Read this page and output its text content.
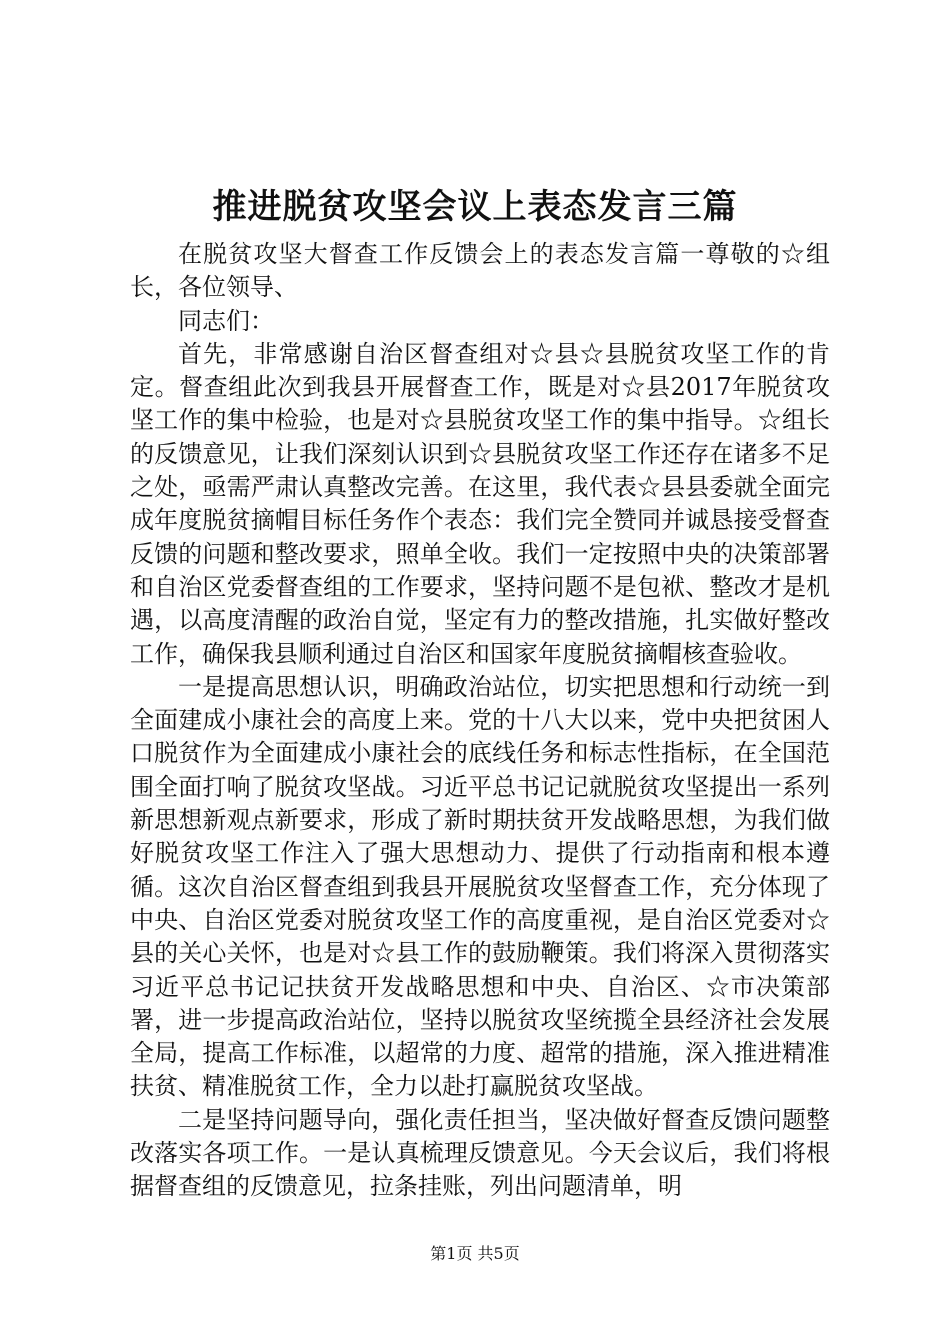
推进脱贫攻坚会议上表态发言三篇

在脱贫攻坚大督查工作反馈会上的表态发言篇一尊敬的☆组长，各位领导、

同志们：

首先，非常感谢自治区督查组对☆县☆县脱贫攻坚工作的肯定。督查组此次到我县开展督查工作，既是对☆县2017年脱贫攻坚工作的集中检验，也是对☆县脱贫攻坚工作的集中指导。☆组长的反馈意见，让我们深刻认识到☆县脱贫攻坚工作还存在诸多不足之处，亟需严肃认真整改完善。在这里，我代表☆县县委就全面完成年度脱贫摘帽目标任务作个表态：我们完全赞同并诚恳接受督查反馈的问题和整改要求，照单全收。我们一定按照中央的决策部署和自治区党委督查组的工作要求，坚持问题不是包袱、整改才是机遇，以高度清醒的政治自觉，坚定有力的整改措施，扎实做好整改工作，确保我县顺利通过自治区和国家年度脱贫摘帽核查验收。

一是提高思想认识，明确政治站位，切实把思想和行动统一到全面建成小康社会的高度上来。党的十八大以来，党中央把贫困人口脱贫作为全面建成小康社会的底线任务和标志性指标，在全国范围全面打响了脱贫攻坚战。习近平总书记记就脱贫攻坚提出一系列新思想新观点新要求，形成了新时期扶贫开发战略思想，为我们做好脱贫攻坚工作注入了强大思想动力、提供了行动指南和根本遵循。这次自治区督查组到我县开展脱贫攻坚督查工作，充分体现了中央、自治区党委对脱贫攻坚工作的高度重视，是自治区党委对☆县的关心关怀，也是对☆县工作的鼓励鞭策。我们将深入贯彻落实习近平总书记记扶贫开发战略思想和中央、自治区、☆市决策部署，进一步提高政治站位，坚持以脱贫攻坚统揽全县经济社会发展全局，提高工作标准，以超常的力度、超常的措施，深入推进精准扶贫、精准脱贫工作，全力以赴打赢脱贫攻坚战。

二是坚持问题导向，强化责任担当，坚决做好督查反馈问题整改落实各项工作。一是认真梳理反馈意见。今天会议后，我们将根据督查组的反馈意见，拉条挂账，列出问题清单，明

第1页 共5页
